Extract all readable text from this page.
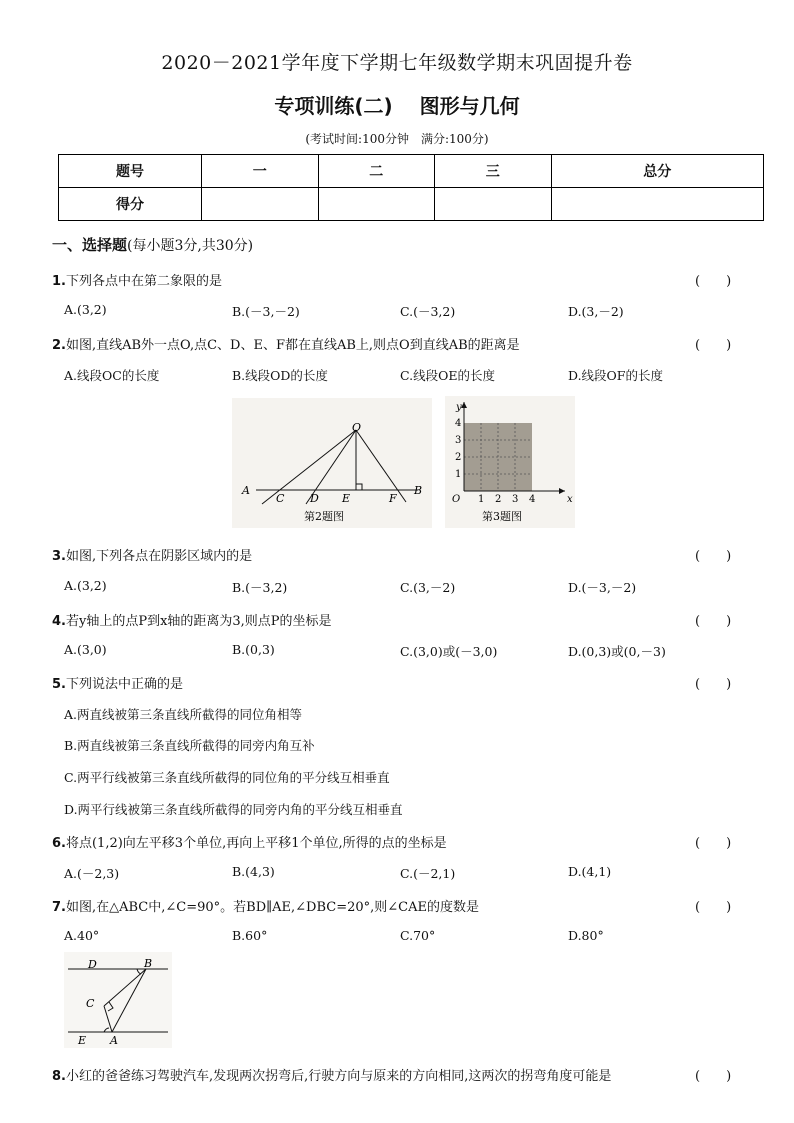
2020－2021学年度下学期七年级数学期末巩固提升卷
专项训练(二) 图形与几何
(考试时间:100分钟　满分:100分)
题号	一	二	三	总分
得分				
一、选择题(每小题3分,共30分)
1.下列各点中在第二象限的是	(　　)
A.(3,2)	B.(－3,－2)	C.(－3,2)	D.(3,－2)
2.如图,直线AB外一点O,点C、D、E、F都在直线AB上,则点O到直线AB的距离是	(　　)
A.线段OC的长度	B.线段OD的长度	C.线段OE的长度	D.线段OF的长度
O
A
C D E	F
B
第2题图
y
x
O
1
2
3
4
1 2 3 4
第3题图
3.如图,下列各点在阴影区域内的是	(　　)
A.(3,2)	B.(－3,2)	C.(3,－2)	D.(－3,－2)
4.若y轴上的点P到x轴的距离为3,则点P的坐标是	(　　)
A.(3,0)	B.(0,3)	C.(3,0)或(－3,0)	D.(0,3)或(0,－3)
5.下列说法中正确的是	(　　)
A.两直线被第三条直线所截得的同位角相等
B.两直线被第三条直线所截得的同旁内角互补
C.两平行线被第三条直线所截得的同位角的平分线互相垂直
D.两平行线被第三条直线所截得的同旁内角的平分线互相垂直
6.将点(1,2)向左平移3个单位,再向上平移1个单位,所得的点的坐标是	(　　)
A.(－2,3)	B.(4,3)	C.(－2,1)	D.(4,1)
7.如图,在△ABC中,∠C=90°。若BD∥AE,∠DBC=20°,则∠CAE的度数是	(　　)
A.40°	B.60°	C.70°	D.80°
D	B
C
E A
8.小红的爸爸练习驾驶汽车,发现两次拐弯后,行驶方向与原来的方向相同,这两次的拐弯角度可能是	(　　)
